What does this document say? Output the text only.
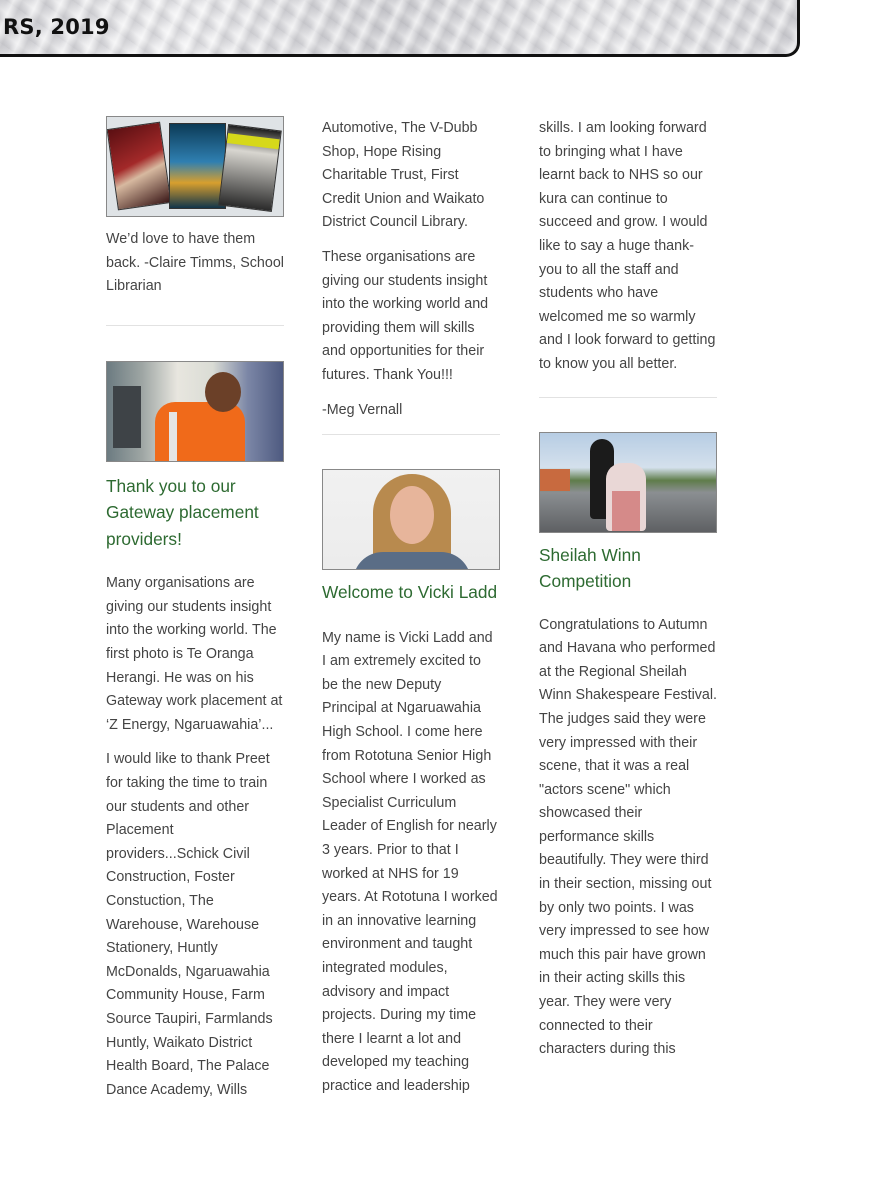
RS, 2019

We’d love to have them back. -Claire Timms, School Librarian

Thank you to our Gateway placement providers!

Many organisations are giving our students insight into the working world. The first photo is Te Oranga Herangi. He was on his Gateway work placement at ‘Z Energy, Ngaruawahia’...

I would like to thank Preet for taking the time to train our students and other Placement providers...Schick Civil Construction, Foster Constuction, The Warehouse, Warehouse Stationery, Huntly McDonalds, Ngaruawahia Community House, Farm Source Taupiri, Farmlands Huntly, Waikato District Health Board, The Palace Dance Academy, Wills

Automotive, The V-Dubb Shop, Hope Rising Charitable Trust, First Credit Union and Waikato District Council Library.

These organisations are giving our students insight into the working world and providing them will skills and opportunities for their futures. Thank You!!!

-Meg Vernall

Welcome to Vicki Ladd

My name is Vicki Ladd and I am extremely excited to be the new Deputy Principal at Ngaruawahia High School. I come here from Rototuna Senior High School where I worked as Specialist Curriculum Leader of English for nearly 3 years. Prior to that I worked at NHS for 19 years. At Rototuna I worked in an innovative learning environment and taught integrated modules, advisory and impact projects. During my time there I learnt a lot and developed my teaching practice and leadership

skills. I am looking forward to bringing what I have learnt back to NHS so our kura can continue to succeed and grow. I would like to say a huge thank-you to all the staff and students who have welcomed me so warmly and I look forward to getting to know you all better.

Sheilah Winn Competition

Congratulations to Autumn and Havana who performed at the Regional Sheilah Winn Shakespeare Festival. The judges said they were very impressed with their scene, that it was a real "actors scene" which showcased their performance skills beautifully. They were third in their section, missing out by only two points. I was very impressed to see how much this pair have grown in their acting skills this year. They were very connected to their characters during this
